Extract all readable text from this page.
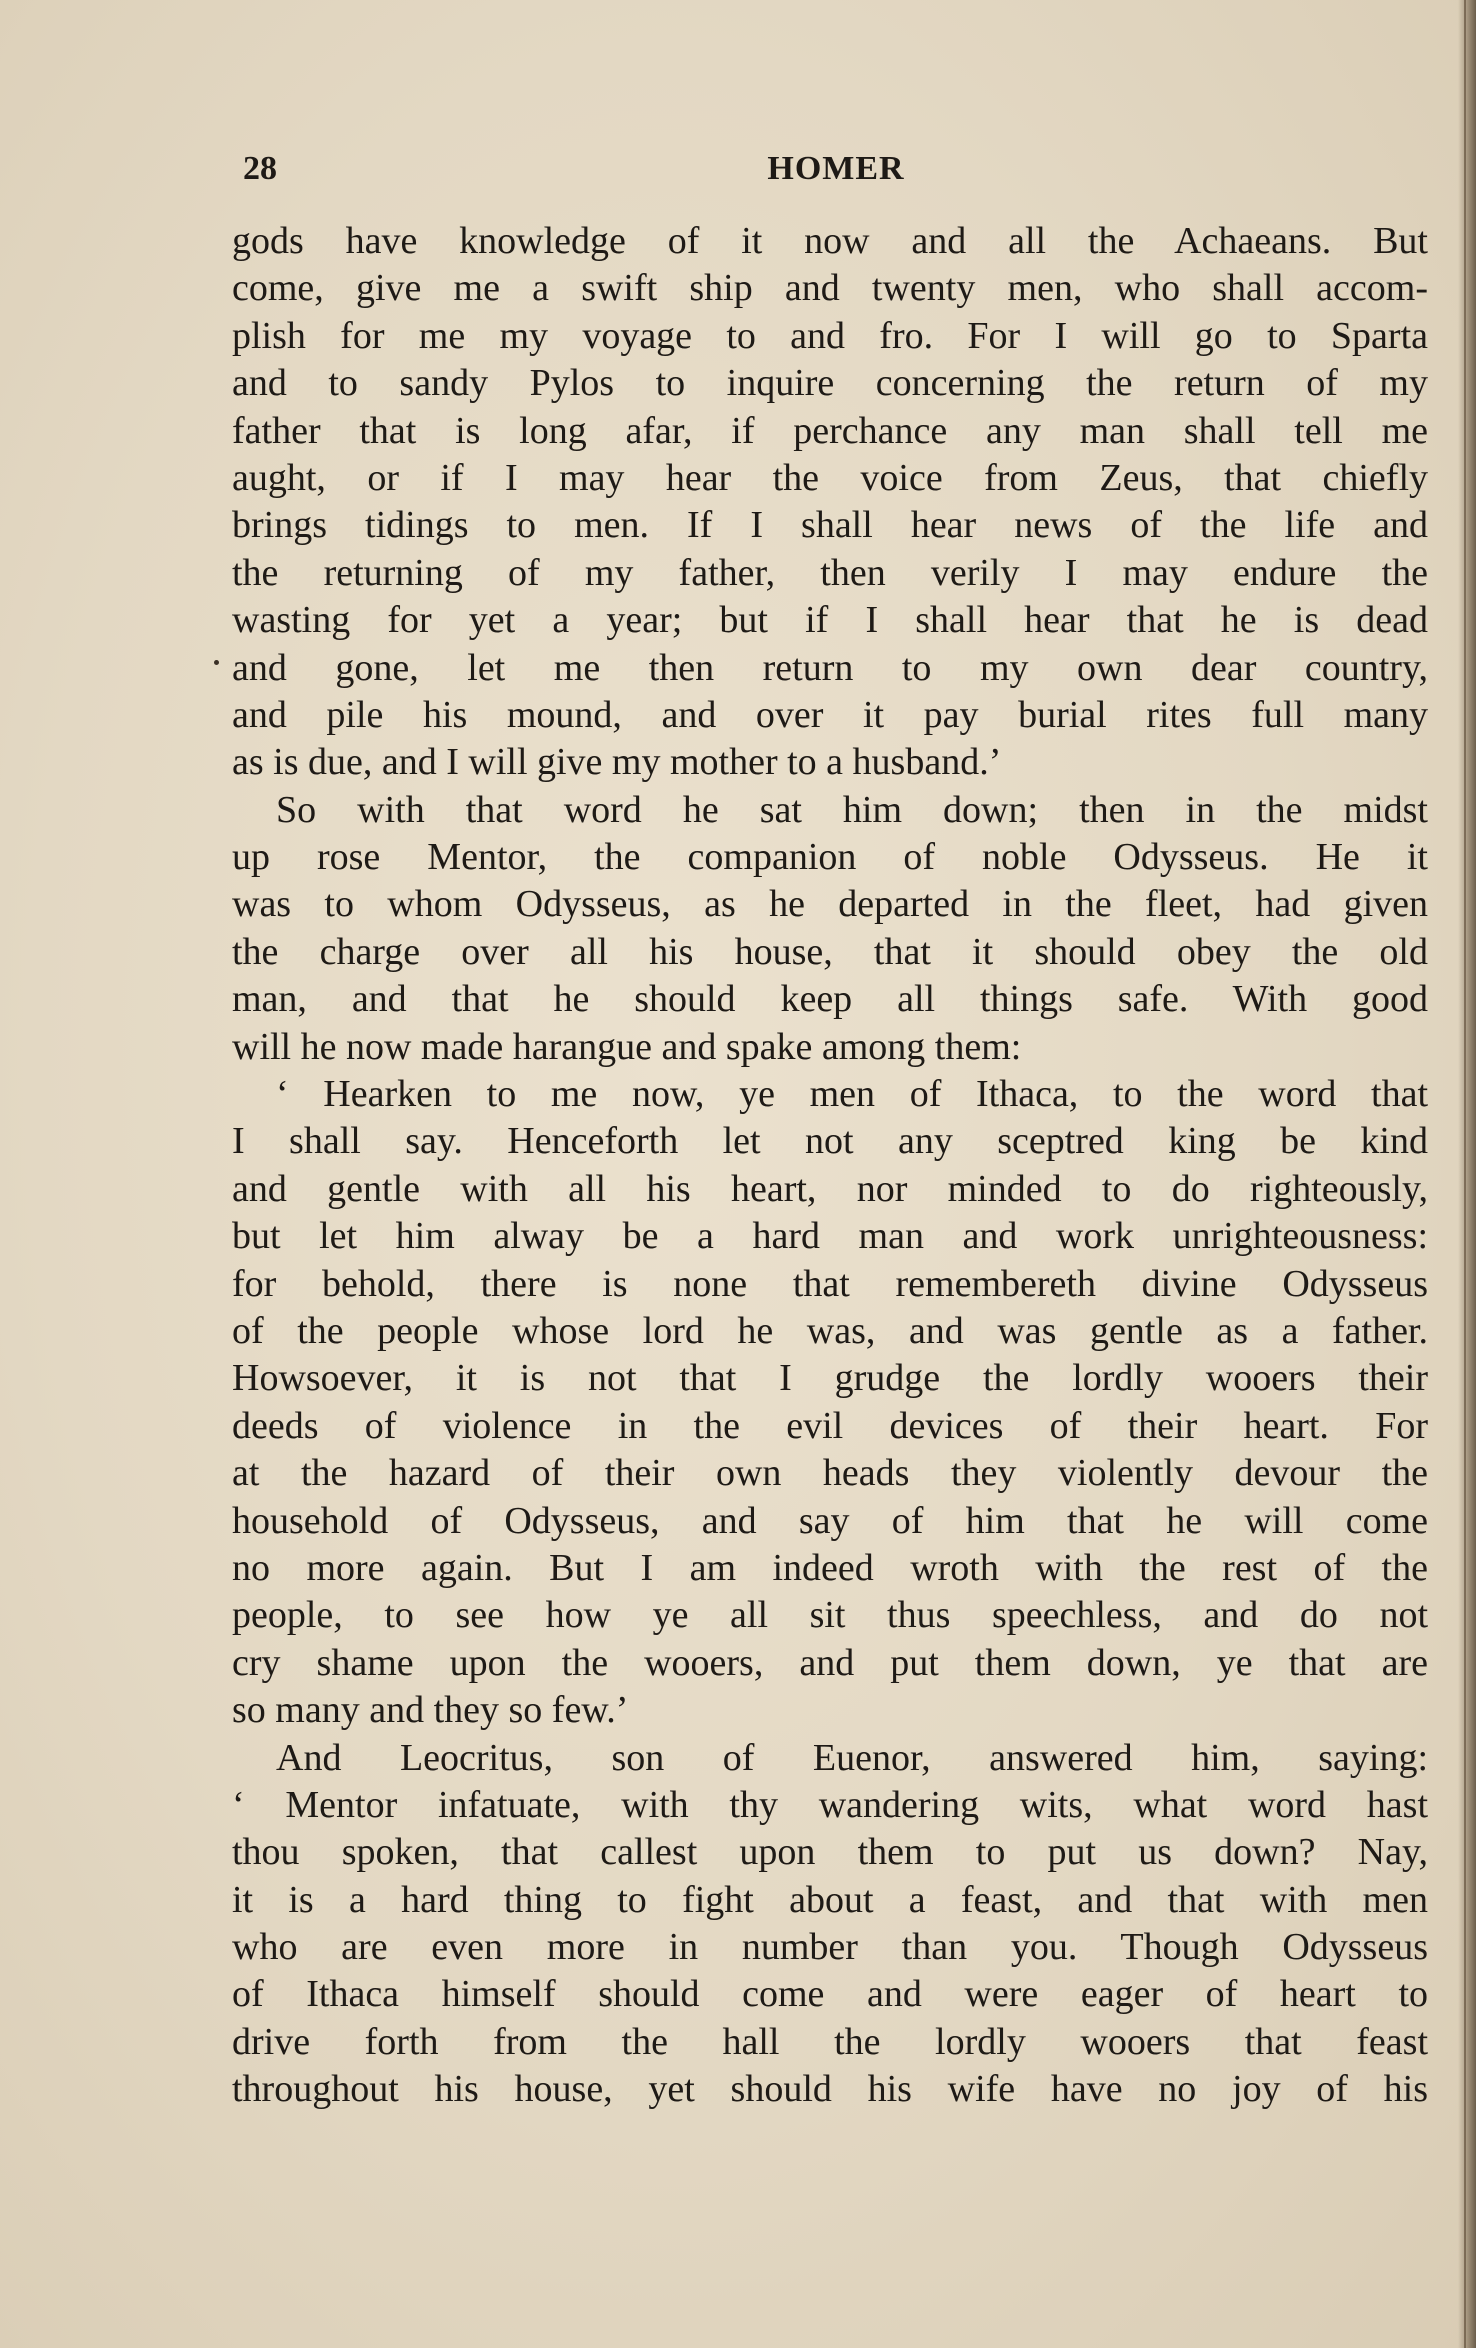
28	HOMER
gods have knowledge of it now and all the Achaeans. But
come, give me a swift ship and twenty men, who shall accom-
plish for me my voyage to and fro. For I will go to Sparta
and to sandy Pylos to inquire concerning the return of my
father that is long afar, if perchance any man shall tell me
aught, or if I may hear the voice from Zeus, that chiefly
brings tidings to men. If I shall hear news of the life and
the returning of my father, then verily I may endure the
wasting for yet a year; but if I shall hear that he is dead
and gone, let me then return to my own dear country,
and pile his mound, and over it pay burial rites full many
as is due, and I will give my mother to a husband.’
So with that word he sat him down; then in the midst
up rose Mentor, the companion of noble Odysseus. He it
was to whom Odysseus, as he departed in the fleet, had given
the charge over all his house, that it should obey the old
man, and that he should keep all things safe. With good
will he now made harangue and spake among them:
‘ Hearken to me now, ye men of Ithaca, to the word that
I shall say. Henceforth let not any sceptred king be kind
and gentle with all his heart, nor minded to do righteously,
but let him alway be a hard man and work unrighteousness:
for behold, there is none that remembereth divine Odysseus
of the people whose lord he was, and was gentle as a father.
Howsoever, it is not that I grudge the lordly wooers their
deeds of violence in the evil devices of their heart. For
at the hazard of their own heads they violently devour the
household of Odysseus, and say of him that he will come
no more again. But I am indeed wroth with the rest of the
people, to see how ye all sit thus speechless, and do not
cry shame upon the wooers, and put them down, ye that are
so many and they so few.’
And Leocritus, son of Euenor, answered him, saying:
‘ Mentor infatuate, with thy wandering wits, what word hast
thou spoken, that callest upon them to put us down? Nay,
it is a hard thing to fight about a feast, and that with men
who are even more in number than you. Though Odysseus
of Ithaca himself should come and were eager of heart to
drive forth from the hall the lordly wooers that feast
throughout his house, yet should his wife have no joy of his
